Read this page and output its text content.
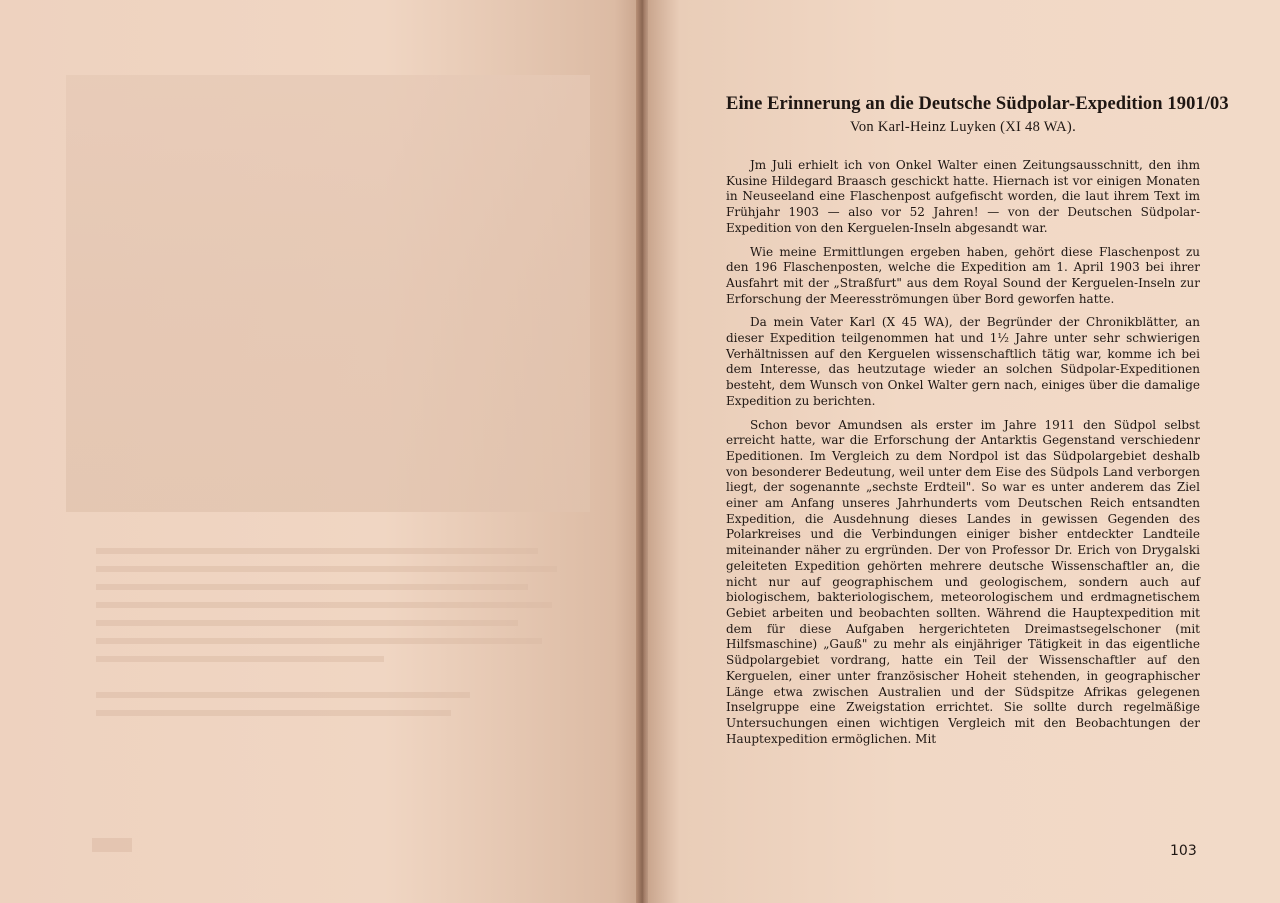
Eine Erinnerung an die Deutsche Südpolar-Expedition 1901/03
Von Karl-Heinz Luyken (XI 48 WA).

Jm Juli erhielt ich von Onkel Walter einen Zeitungsausschnitt, den ihm Kusine Hildegard Braasch geschickt hatte. Hiernach ist vor einigen Monaten in Neuseeland eine Flaschenpost aufgefischt worden, die laut ihrem Text im Frühjahr 1903 — also vor 52 Jahren! — von der Deutschen Südpolar-Expedition von den Kerguelen-Inseln abgesandt war.

Wie meine Ermittlungen ergeben haben, gehört diese Flaschenpost zu den 196 Flaschenposten, welche die Expedition am 1. April 1903 bei ihrer Ausfahrt mit der „Straßfurt" aus dem Royal Sound der Kerguelen-Inseln zur Erforschung der Meeresströmungen über Bord geworfen hatte.

Da mein Vater Karl (X 45 WA), der Begründer der Chronikblätter, an dieser Expedition teilgenommen hat und 1½ Jahre unter sehr schwierigen Verhältnissen auf den Kerguelen wissenschaftlich tätig war, komme ich bei dem Interesse, das heutzutage wieder an solchen Südpolar-Expeditionen besteht, dem Wunsch von Onkel Walter gern nach, einiges über die damalige Expedition zu berichten.

Schon bevor Amundsen als erster im Jahre 1911 den Südpol selbst erreicht hatte, war die Erforschung der Antarktis Gegenstand verschiedenr Epeditionen. Im Vergleich zu dem Nordpol ist das Südpolargebiet deshalb von besonderer Bedeutung, weil unter dem Eise des Südpols Land verborgen liegt, der sogenannte „sechste Erdteil". So war es unter anderem das Ziel einer am Anfang unseres Jahrhunderts vom Deutschen Reich entsandten Expedition, die Ausdehnung dieses Landes in gewissen Gegenden des Polarkreises und die Verbindungen einiger bisher entdeckter Landteile miteinander näher zu ergründen. Der von Professor Dr. Erich von Drygalski geleiteten Expedition gehörten mehrere deutsche Wissenschaftler an, die nicht nur auf geographischem und geologischem, sondern auch auf biologischem, bakteriologischem, meteorologischem und erdmagnetischem Gebiet arbeiten und beobachten sollten. Während die Hauptexpedition mit dem für diese Aufgaben hergerichteten Dreimastsegelschoner (mit Hilfsmaschine) „Gauß" zu mehr als einjähriger Tätigkeit in das eigentliche Südpolargebiet vordrang, hatte ein Teil der Wissenschaftler auf den Kerguelen, einer unter französischer Hoheit stehenden, in geographischer Länge etwa zwischen Australien und der Südspitze Afrikas gelegenen Inselgruppe eine Zweigstation errichtet. Sie sollte durch regelmäßige Untersuchungen einen wichtigen Vergleich mit den Beobachtungen der Hauptexpedition ermöglichen. Mit

103
